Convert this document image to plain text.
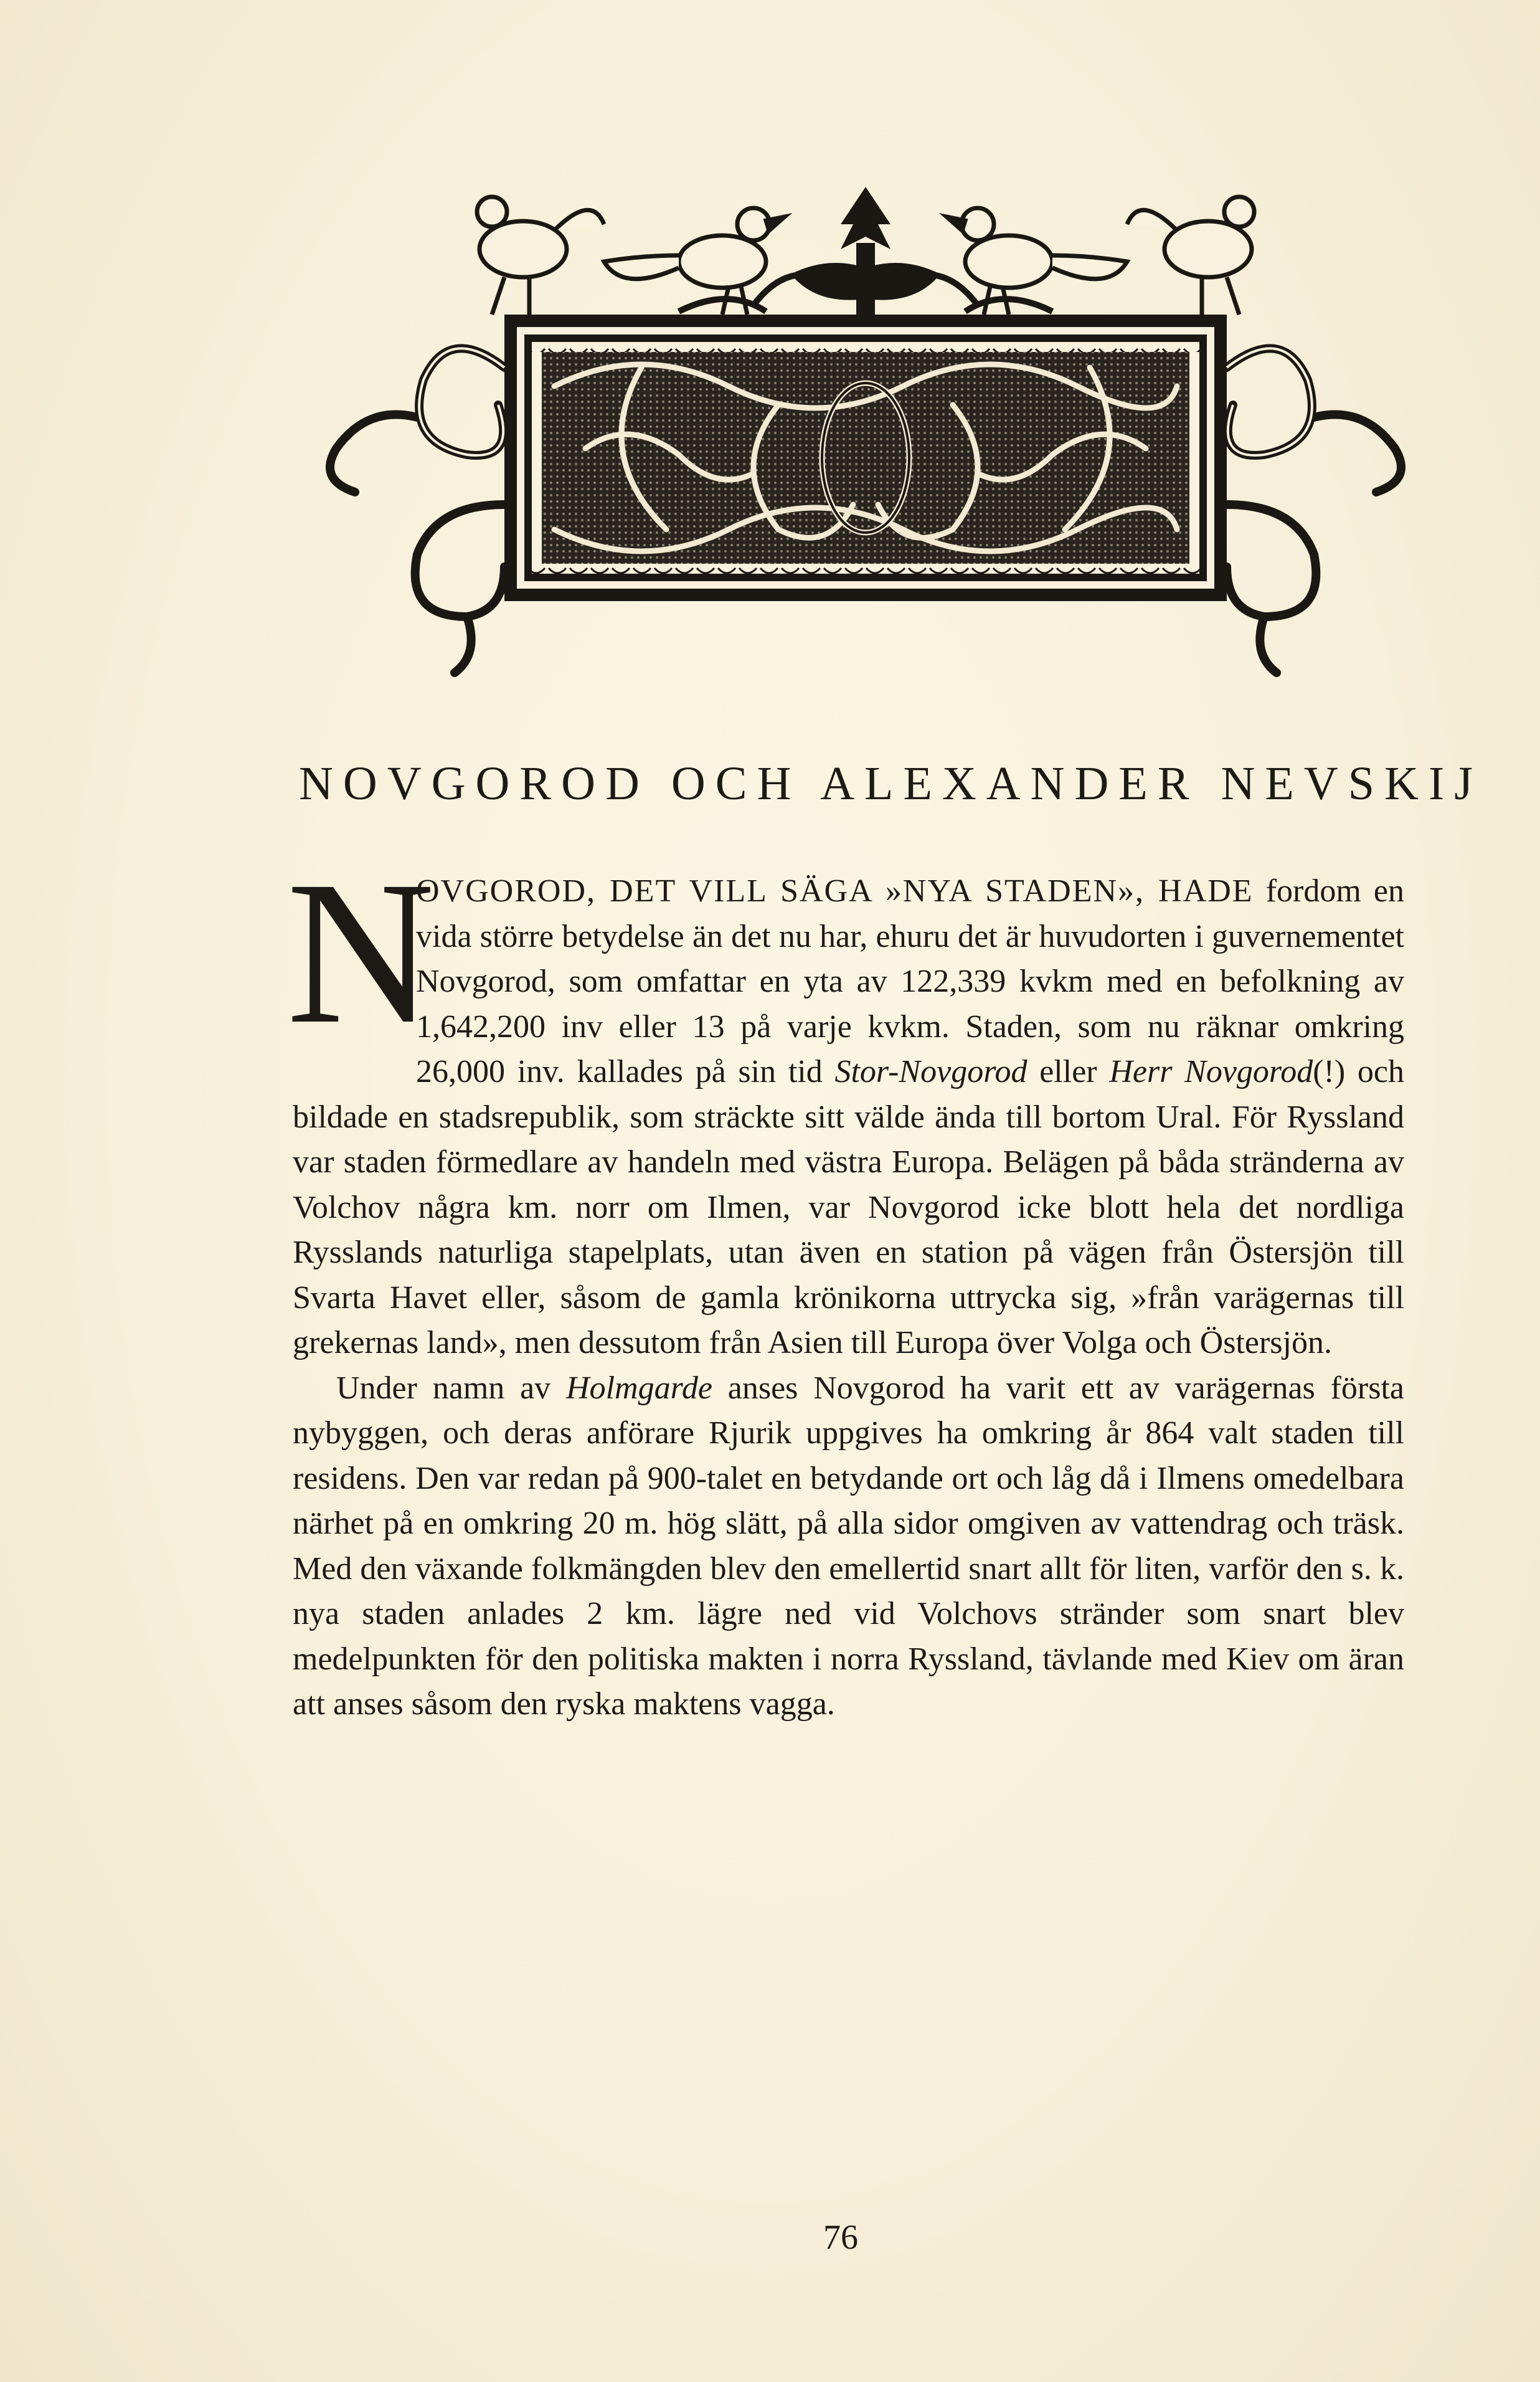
NOVGOROD OCH ALEXANDER NEVSKIJ

N
OVGOROD, DET VILL SÄGA »NYA STADEN», HADE fordom en vida större betydelse än det nu har, ehuru det är huvudorten i guvernementet Novgorod, som omfattar en yta av 122,339 kvkm med en befolkning av 1,642,200 inv eller 13 på varje kvkm. Staden, som nu räknar omkring 26,000 inv. kallades på sin tid Stor-Novgorod eller Herr Novgorod(!) och bildade en stadsrepublik, som sträckte sitt välde ända till bortom Ural. För Ryssland var staden förmedlare av handeln med västra Europa. Belägen på båda stränderna av Volchov några km. norr om Ilmen, var Novgorod icke blott hela det nordliga Rysslands naturliga stapelplats, utan även en station på vägen från Östersjön till Svarta Havet eller, såsom de gamla krönikorna uttrycka sig, »från varägernas till grekernas land», men dessutom från Asien till Europa över Volga och Östersjön.

Under namn av Holmgarde anses Novgorod ha varit ett av varägernas första nybyggen, och deras anförare Rjurik uppgives ha omkring år 864 valt staden till residens. Den var redan på 900-talet en betydande ort och låg då i Ilmens omedelbara närhet på en omkring 20 m. hög slätt, på alla sidor omgiven av vattendrag och träsk. Med den växande folkmängden blev den emellertid snart allt för liten, varför den s. k. nya staden anlades 2 km. lägre ned vid Volchovs stränder som snart blev medelpunkten för den politiska makten i norra Ryssland, tävlande med Kiev om äran att anses såsom den ryska maktens vagga.

76
